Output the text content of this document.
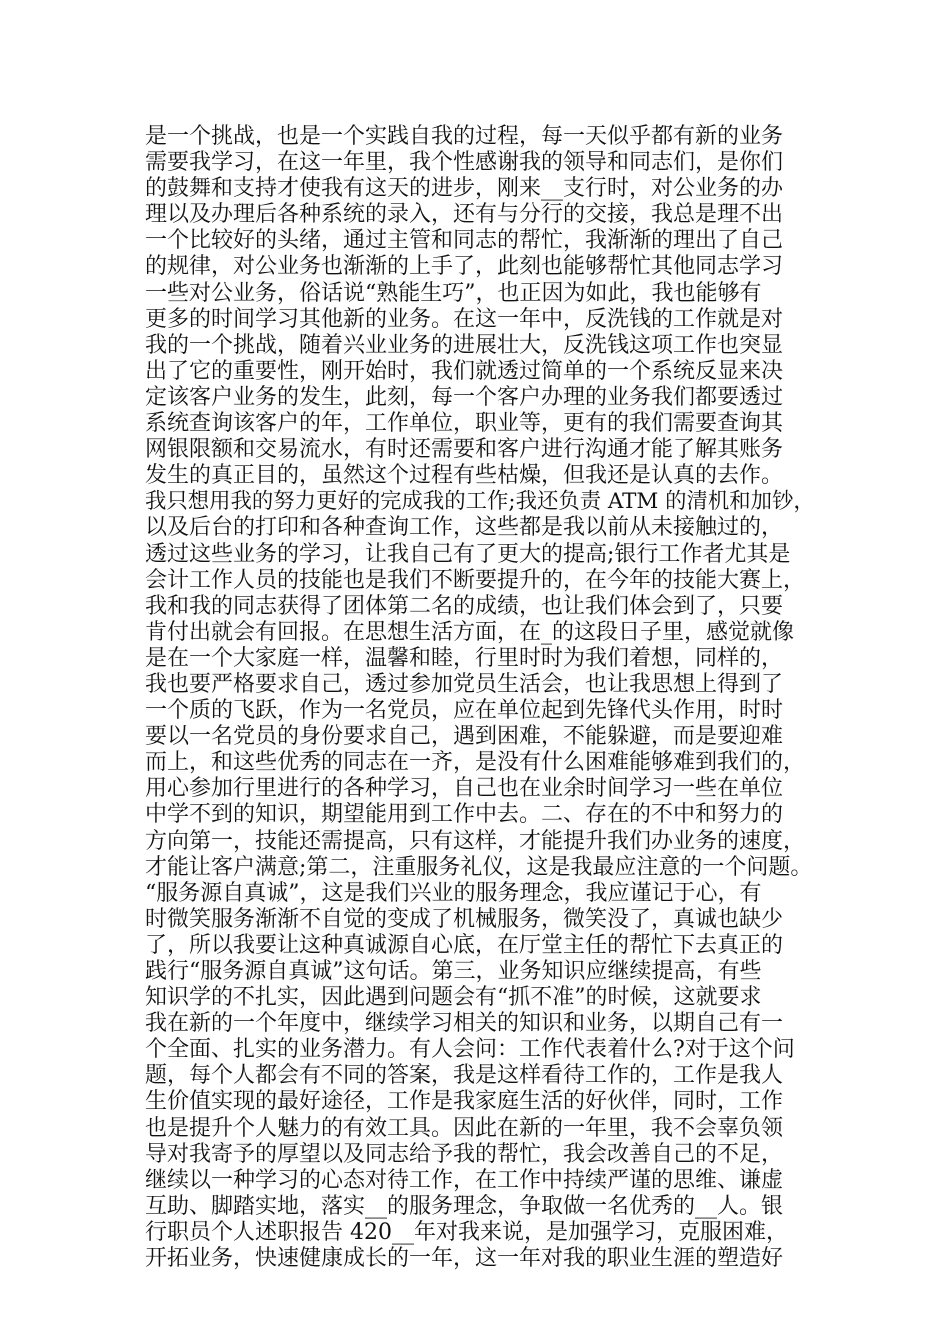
是一个挑战，也是一个实践自我的过程，每一天似乎都有新的业务
需要我学习，在这一年里，我个性感谢我的领导和同志们，是你们
的鼓舞和支持才使我有这天的进步，刚来__支行时，对公业务的办
理以及办理后各种系统的录入，还有与分行的交接，我总是理不出
一个比较好的头绪，通过主管和同志的帮忙，我渐渐的理出了自己
的规律，对公业务也渐渐的上手了，此刻也能够帮忙其他同志学习
一些对公业务，俗话说“熟能生巧”，也正因为如此，我也能够有
更多的时间学习其他新的业务。在这一年中，反洗钱的工作就是对
我的一个挑战，随着兴业业务的进展壮大，反洗钱这项工作也突显
出了它的重要性，刚开始时，我们就透过简单的一个系统反显来决
定该客户业务的发生，此刻，每一个客户办理的业务我们都要透过
系统查询该客户的年，工作单位，职业等，更有的我们需要查询其
网银限额和交易流水，有时还需要和客户进行沟通才能了解其账务
发生的真正目的，虽然这个过程有些枯燥，但我还是认真的去作。
我只想用我的努力更好的完成我的工作;我还负责 ATM 的清机和加钞，
以及后台的打印和各种查询工作，这些都是我以前从未接触过的，
透过这些业务的学习，让我自己有了更大的提高;银行工作者尤其是
会计工作人员的技能也是我们不断要提升的，在今年的技能大赛上，
我和我的同志获得了团体第二名的成绩，也让我们体会到了，只要
肯付出就会有回报。在思想生活方面，在_的这段日子里，感觉就像
是在一个大家庭一样，温馨和睦，行里时时为我们着想，同样的，
我也要严格要求自己，透过参加党员生活会，也让我思想上得到了
一个质的飞跃，作为一名党员，应在单位起到先锋代头作用，时时
要以一名党员的身份要求自己，遇到困难，不能躲避，而是要迎难
而上，和这些优秀的同志在一齐，是没有什么困难能够难到我们的，
用心参加行里进行的各种学习，自己也在业余时间学习一些在单位
中学不到的知识，期望能用到工作中去。二、存在的不中和努力的
方向第一，技能还需提高，只有这样，才能提升我们办业务的速度，
才能让客户满意;第二，注重服务礼仪，这是我最应注意的一个问题。
“服务源自真诚”，这是我们兴业的服务理念，我应谨记于心，有
时微笑服务渐渐不自觉的变成了机械服务，微笑没了，真诚也缺少
了，所以我要让这种真诚源自心底，在厅堂主任的帮忙下去真正的
践行“服务源自真诚”这句话。第三，业务知识应继续提高，有些
知识学的不扎实，因此遇到问题会有“抓不准”的时候，这就要求
我在新的一个年度中，继续学习相关的知识和业务，以期自己有一
个全面、扎实的业务潜力。有人会问：工作代表着什么?对于这个问
题，每个人都会有不同的答案，我是这样看待工作的，工作是我人
生价值实现的最好途径，工作是我家庭生活的好伙伴，同时，工作
也是提升个人魅力的有效工具。因此在新的一年里，我不会辜负领
导对我寄予的厚望以及同志给予我的帮忙，我会改善自己的不足，
继续以一种学习的心态对待工作，在工作中持续严谨的思维、谦虚
互助、脚踏实地，落实__的服务理念，争取做一名优秀的__人。银
行职员个人述职报告 420__年对我来说，是加强学习，克服困难，
开拓业务，快速健康成长的一年，这一年对我的职业生涯的塑造好
